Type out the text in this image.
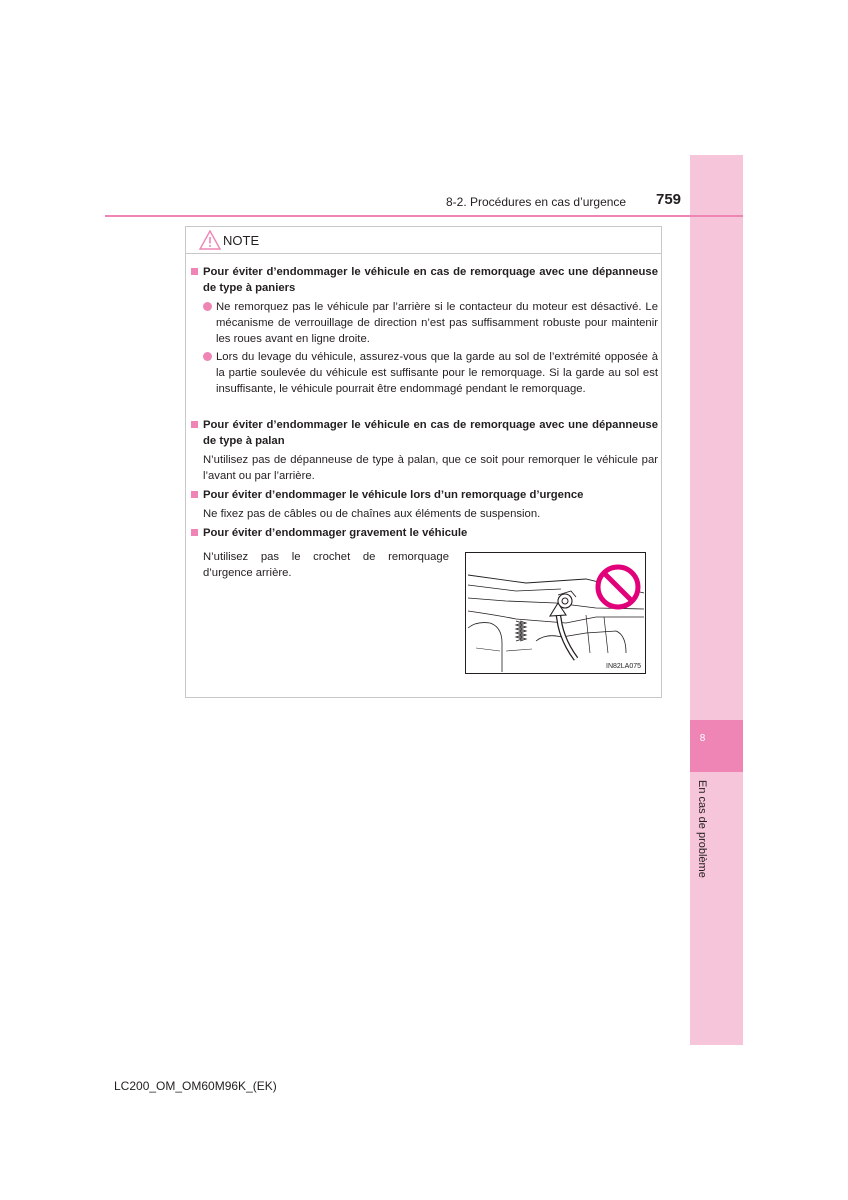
8
En cas de problème
8-2. Procédures en cas d’urgence 759
NOTE
Pour éviter d’endommager le véhicule en cas de remorquage avec une dépanneuse de type à paniers
Ne remorquez pas le véhicule par l’arrière si le contacteur du moteur est désactivé. Le mécanisme de verrouillage de direction n’est pas suffisamment robuste pour maintenir les roues avant en ligne droite.
Lors du levage du véhicule, assurez-vous que la garde au sol de l’extrémité opposée à la partie soulevée du véhicule est suffisante pour le remorquage. Si la garde au sol est insuffisante, le véhicule pourrait être endommagé pendant le remorquage.
Pour éviter d’endommager le véhicule en cas de remorquage avec une dépanneuse de type à palan
N’utilisez pas de dépanneuse de type à palan, que ce soit pour remorquer le véhicule par l’avant ou par l’arrière.
Pour éviter d’endommager le véhicule lors d’un remorquage d’urgence
Ne fixez pas de câbles ou de chaînes aux éléments de suspension.
Pour éviter d’endommager gravement le véhicule
N’utilisez pas le crochet de remorquage d’urgence arrière.
IN82LA075
LC200_OM_OM60M96K_(EK)
